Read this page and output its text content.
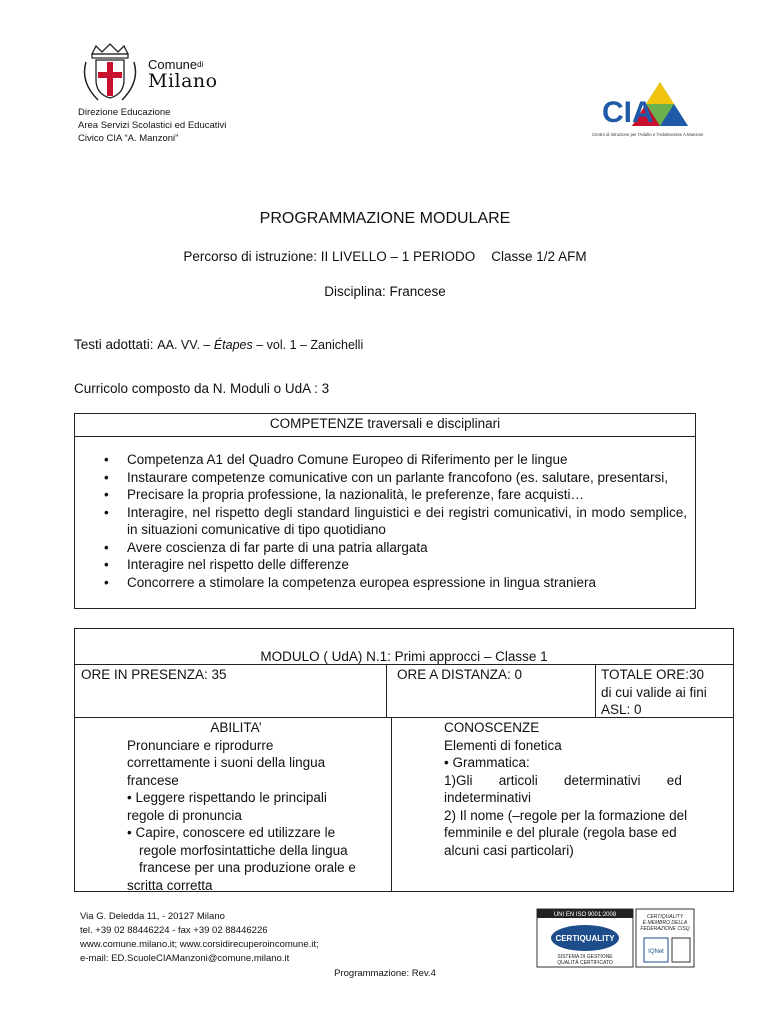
Comune$^{di}$
Milano
Direzione Educazione
Area Servizi Scolastici ed Educativi
Civico CIA “A. Manzoni”
CIA
Centro di Istruzione per l'Adulto e l'Adolescente A.Manzoni
PROGRAMMAZIONE MODULARE
Percorso di istruzione: II LIVELLO – 1 PERIODO Classe 1/2 AFM
Disciplina: Francese
Testi adottati: AA. VV. – Étapes – vol. 1 – Zanichelli
Curricolo composto da N. Moduli o UdA : 3
COMPETENZE traversali e disciplinari
• Competenza A1 del Quadro Comune Europeo di Riferimento per le lingue
• Instaurare competenze comunicative con un parlante francofono (es. salutare, presentarsi,
• Precisare la propria professione, la nazionalità, le preferenze, fare acquisti…
• Interagire, nel rispetto degli standard linguistici e dei registri comunicativi, in modo semplice, in situazioni comunicative di tipo quotidiano
• Avere coscienza di far parte di una patria allargata
• Interagire nel rispetto delle differenze
• Concorrere a stimolare la competenza europea espressione in lingua straniera
MODULO ( UdA) N.1: Primi approcci – Classe 1
ORE IN PRESENZA: 35	ORE A DISTANZA: 0	TOTALE ORE:30
di cui valide ai fini
ASL: 0
ABILITA’
Pronunciare e riprodurre
correttamente i suoni della lingua
francese
• Leggere rispettando le principali
regole di pronuncia
• Capire, conoscere ed utilizzare le
regole morfosintattiche della lingua
francese per una produzione orale e
scritta corretta
CONOSCENZE
Elementi di fonetica
• Grammatica:
1)Gli       articoli       determinativi       ed
indeterminativi
2) Il nome (–regole per la formazione del
femminile e del plurale (regola base ed
alcuni casi particolari)
Via G. Deledda 11, - 20127 Milano
tel. +39 02 88446224 - fax +39 02 88446226
www.comune.milano.it; www.corsidirecuperoincomune.it;
e-mail: ED.ScuoleCIAManzoni@comune.milano.it
Programmazione: Rev.4
UNI EN ISO 9001:2008
CERTIQUALITY
SISTEMA DI GESTIONE
QUALITÀ CERTIFICATO
CERTIQUALITY
È MEMBRO DELLA
FEDERAZIONE CISQ
IQNet
